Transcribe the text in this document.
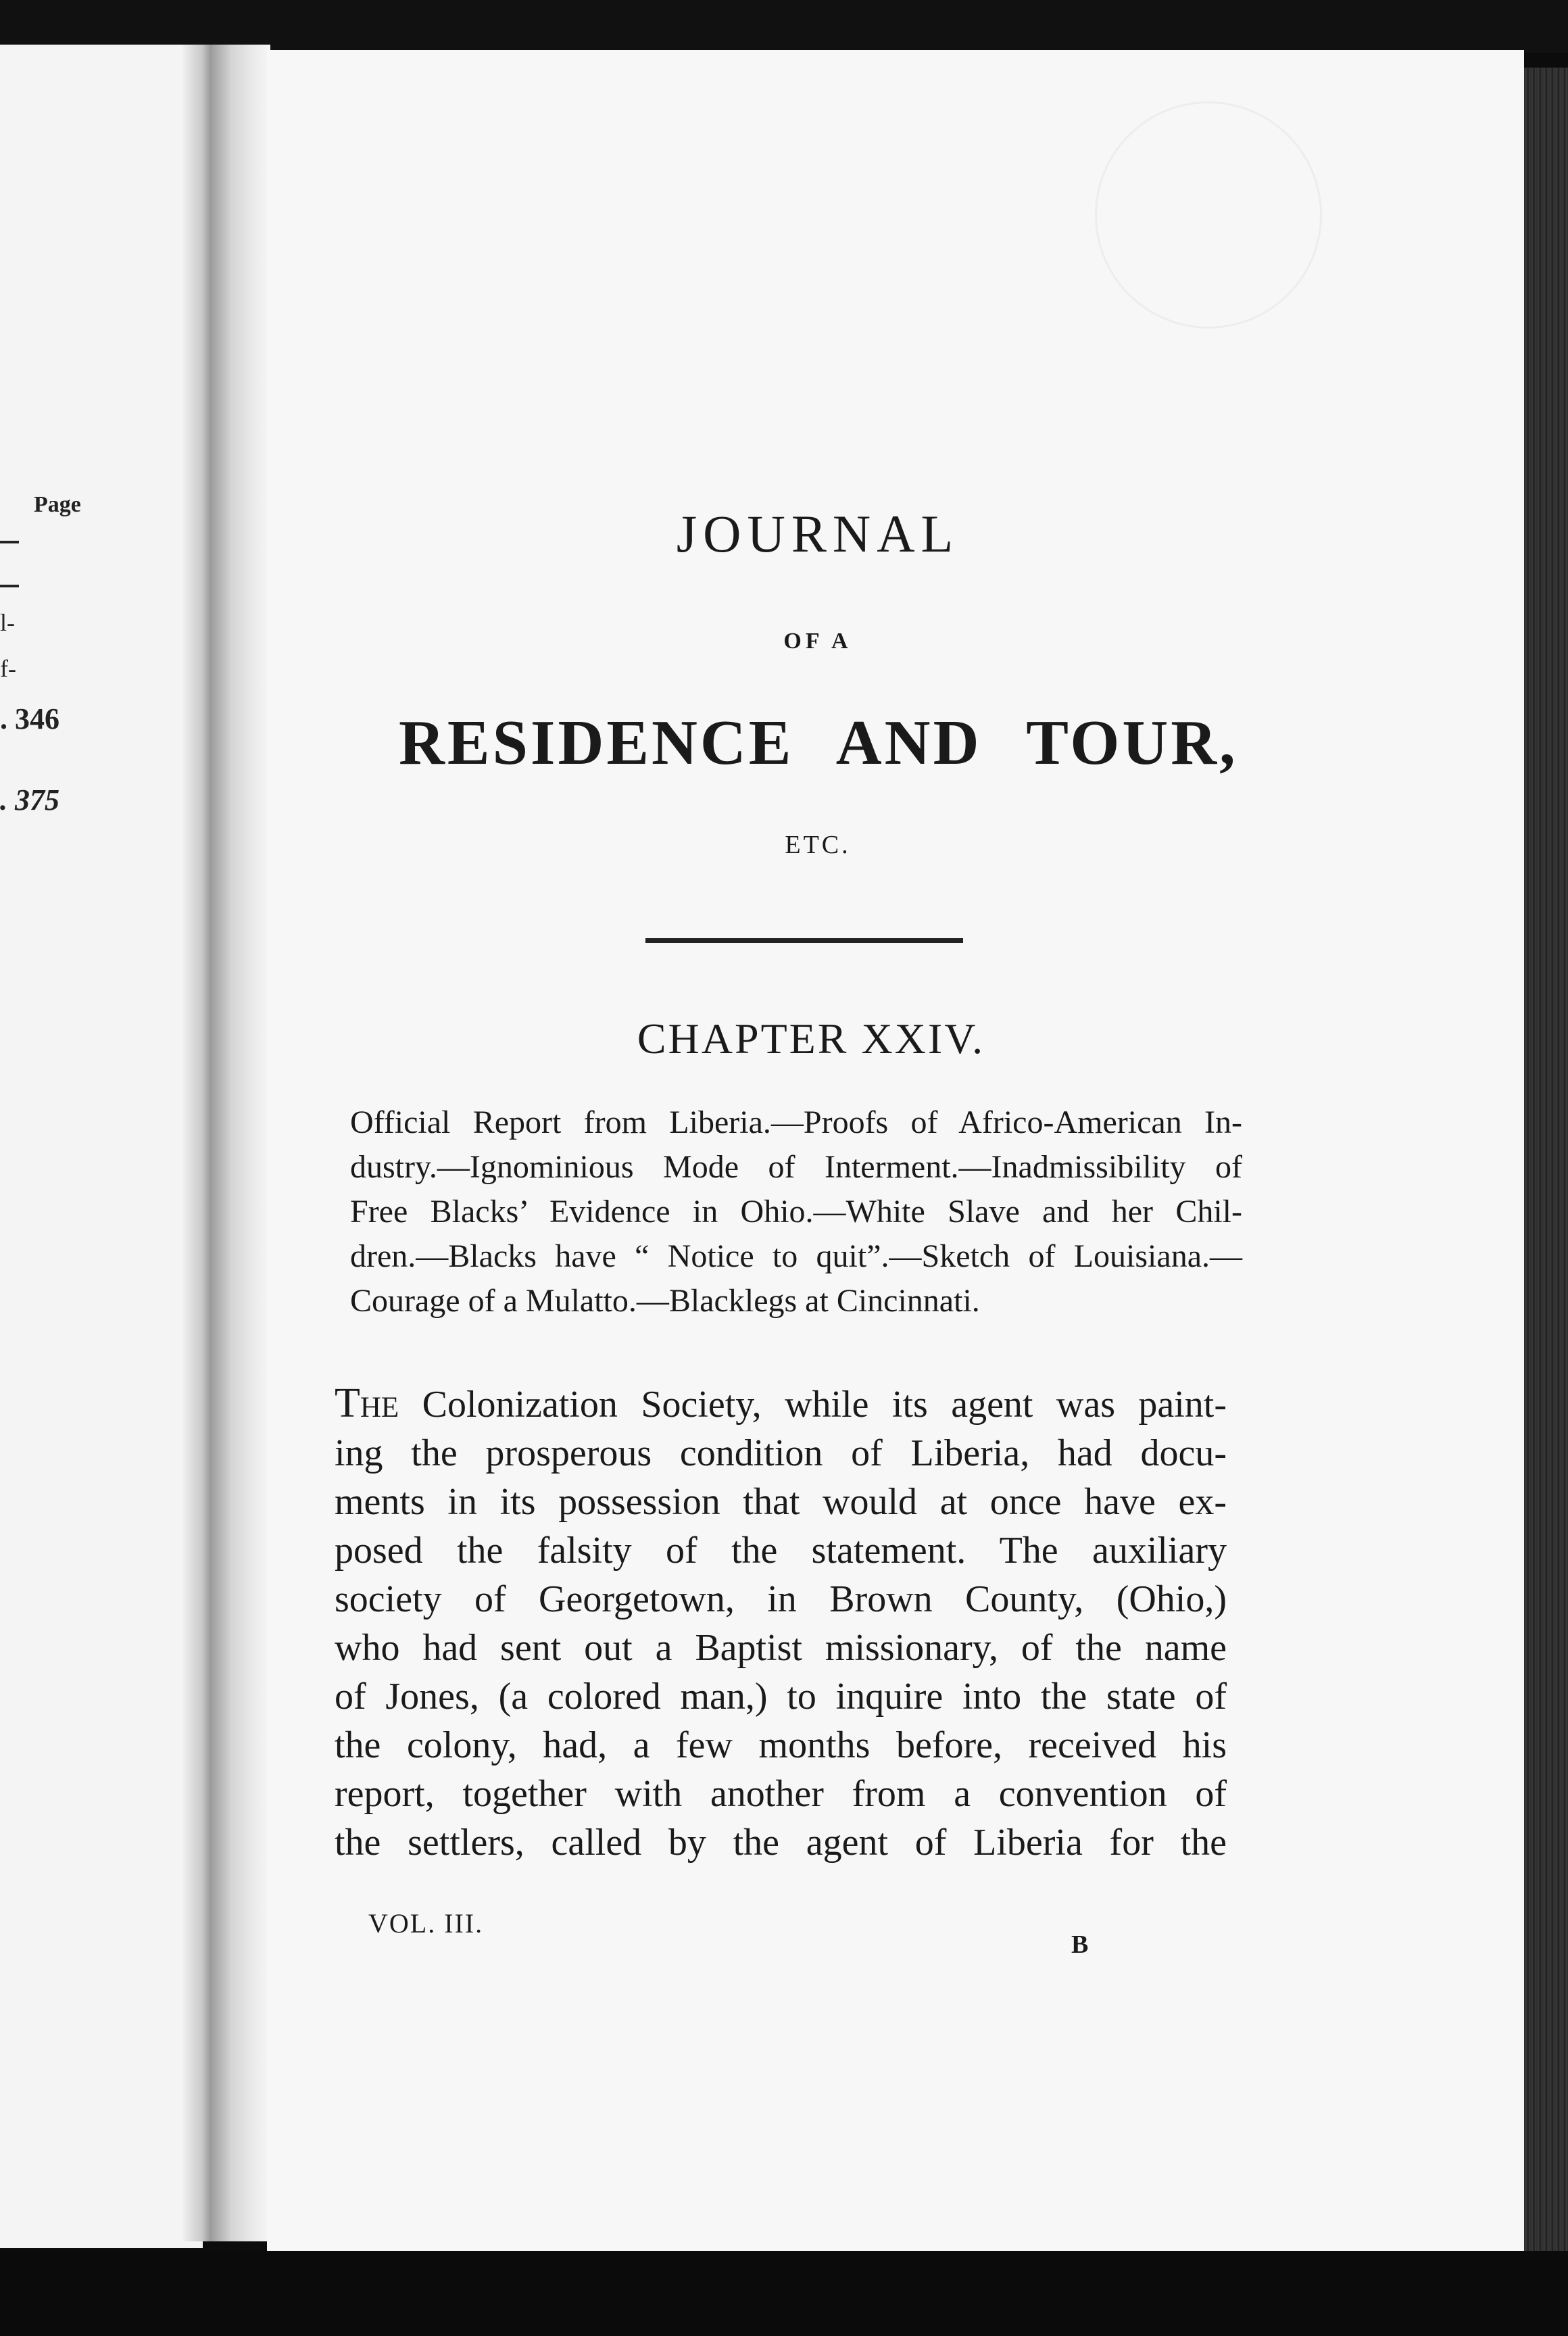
Page
l-
f-
. 346
. 375
JOURNAL
OF A
RESIDENCE AND TOUR,
ETC.
CHAPTER XXIV.
Official Report from Liberia.—Proofs of Africo-American In-
dustry.—Ignominious Mode of Interment.—Inadmissibility of
Free Blacks’ Evidence in Ohio.—White Slave and her Chil-
dren.—Blacks have “ Notice to quit”.—Sketch of Louisiana.—
Courage of a Mulatto.—Blacklegs at Cincinnati.
The Colonization Society, while its agent was paint-
ing the prosperous condition of Liberia, had docu-
ments in its possession that would at once have ex-
posed the falsity of the statement. The auxiliary
society of Georgetown, in Brown County, (Ohio,)
who had sent out a Baptist missionary, of the name
of Jones, (a colored man,) to inquire into the state of
the colony, had, a few months before, received his
report, together with another from a convention of
the settlers, called by the agent of Liberia for the
VOL. III.
B
